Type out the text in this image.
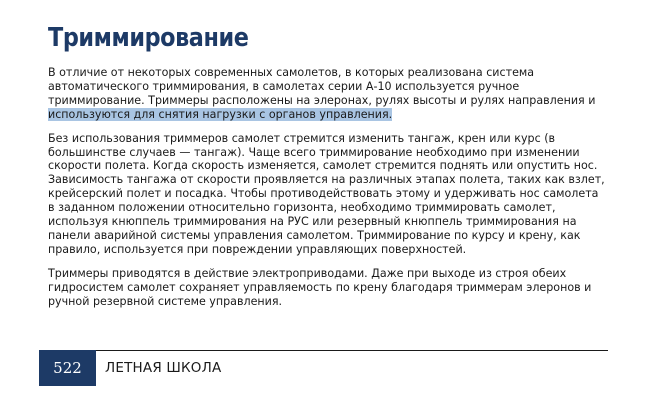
Триммирование

В отличие от некоторых современных самолетов, в которых реализована система автоматического триммирования, в самолетах серии А-10 используется ручное триммирование. Триммеры расположены на элеронах, рулях высоты и рулях направления и используются для снятия нагрузки с органов управления.

Без использования триммеров самолет стремится изменить тангаж, крен или курс (в большинстве случаев — тангаж). Чаще всего триммирование необходимо при изменении скорости полета. Когда скорость изменяется, самолет стремится поднять или опустить нос. Зависимость тангажа от скорости проявляется на различных этапах полета, таких как взлет, крейсерский полет и посадка. Чтобы противодействовать этому и удерживать нос самолета в заданном положении относительно горизонта, необходимо триммировать самолет, используя кнюппель триммирования на РУС или резервный кнюппель триммирования на панели аварийной системы управления самолетом. Триммирование по курсу и крену, как правило, используется при повреждении управляющих поверхностей.

Триммеры приводятся в действие электроприводами. Даже при выходе из строя обеих гидросистем самолет сохраняет управляемость по крену благодаря триммерам элеронов и ручной резервной системе управления.

522	ЛЕТНАЯ ШКОЛА
